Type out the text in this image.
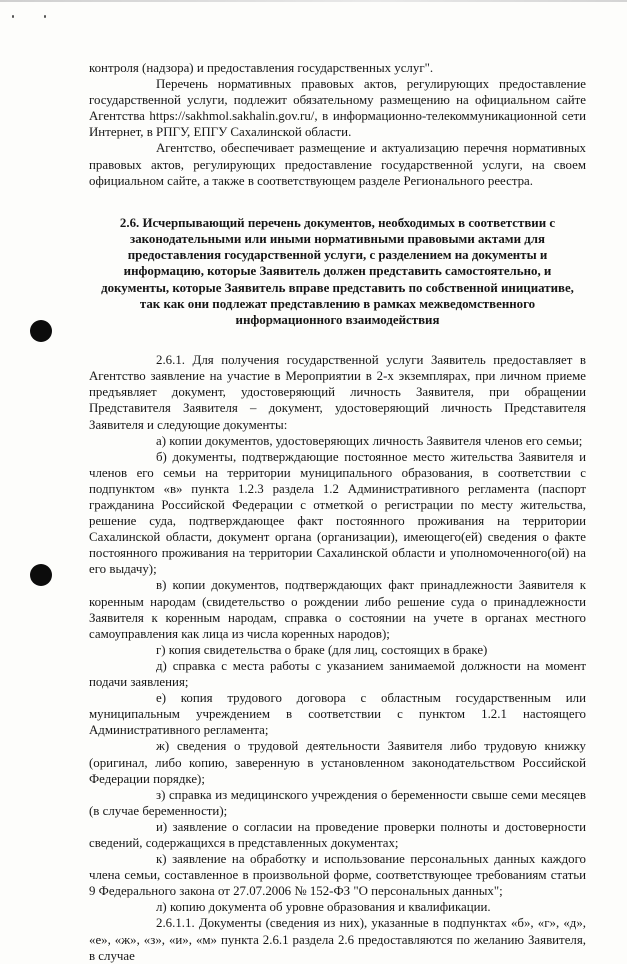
контроля (надзора) и предоставления государственных услуг".

Перечень нормативных правовых актов, регулирующих предоставление государственной услуги, подлежит обязательному размещению на официальном сайте Агентства https://sakhmol.sakhalin.gov.ru/, в информационно-телекоммуникационной сети Интернет, в РПГУ, ЕПГУ Сахалинской области.

Агентство, обеспечивает размещение и актуализацию перечня нормативных правовых актов, регулирующих предоставление государственной услуги, на своем официальном сайте, а также в соответствующем разделе Регионального реестра.

2.6. Исчерпывающий перечень документов, необходимых в соответствии с законодательными или иными нормативными правовыми актами для предоставления государственной услуги, с разделением на документы и информацию, которые Заявитель должен представить самостоятельно, и документы, которые Заявитель вправе представить по собственной инициативе, так как они подлежат представлению в рамках межведомственного информационного взаимодействия

2.6.1. Для получения государственной услуги Заявитель предоставляет в Агентство заявление на участие в Мероприятии в 2-х экземплярах, при личном приеме предъявляет документ, удостоверяющий личность Заявителя, при обращении Представителя Заявителя – документ, удостоверяющий личность Представителя Заявителя и следующие документы:

а) копии документов, удостоверяющих личность Заявителя членов его семьи;

б) документы, подтверждающие постоянное место жительства Заявителя и членов его семьи на территории муниципального образования, в соответствии с подпунктом «в» пункта 1.2.3 раздела 1.2 Административного регламента (паспорт гражданина Российской Федерации с отметкой о регистрации по месту жительства, решение суда, подтверждающее факт постоянного проживания на территории Сахалинской области, документ органа (организации), имеющего(ей) сведения о факте постоянного проживания на территории Сахалинской области и уполномоченного(ой) на его выдачу);

в) копии документов, подтверждающих факт принадлежности Заявителя к коренным народам (свидетельство о рождении либо решение суда о принадлежности Заявителя к коренным народам, справка о состоянии на учете в органах местного самоуправления как лица из числа коренных народов);

г) копия свидетельства о браке (для лиц, состоящих в браке)

д) справка с места работы с указанием занимаемой должности на момент подачи заявления;

е) копия трудового договора с областным государственным или муниципальным учреждением в соответствии с пунктом 1.2.1 настоящего Административного регламента;

ж) сведения о трудовой деятельности Заявителя либо трудовую книжку (оригинал, либо копию, заверенную в установленном законодательством Российской Федерации порядке);

з) справка из медицинского учреждения о беременности свыше семи месяцев (в случае беременности);

и) заявление о согласии на проведение проверки полноты и достоверности сведений, содержащихся в представленных документах;

к) заявление на обработку и использование персональных данных каждого члена семьи, составленное в произвольной форме, соответствующее требованиям статьи 9 Федерального закона от 27.07.2006 № 152-ФЗ "О персональных данных";

л) копию документа об уровне образования и квалификации.

2.6.1.1. Документы (сведения из них), указанные в подпунктах «б», «г», «д», «е», «ж», «з», «и», «м» пункта 2.6.1 раздела 2.6 предоставляются по желанию Заявителя, в случае
